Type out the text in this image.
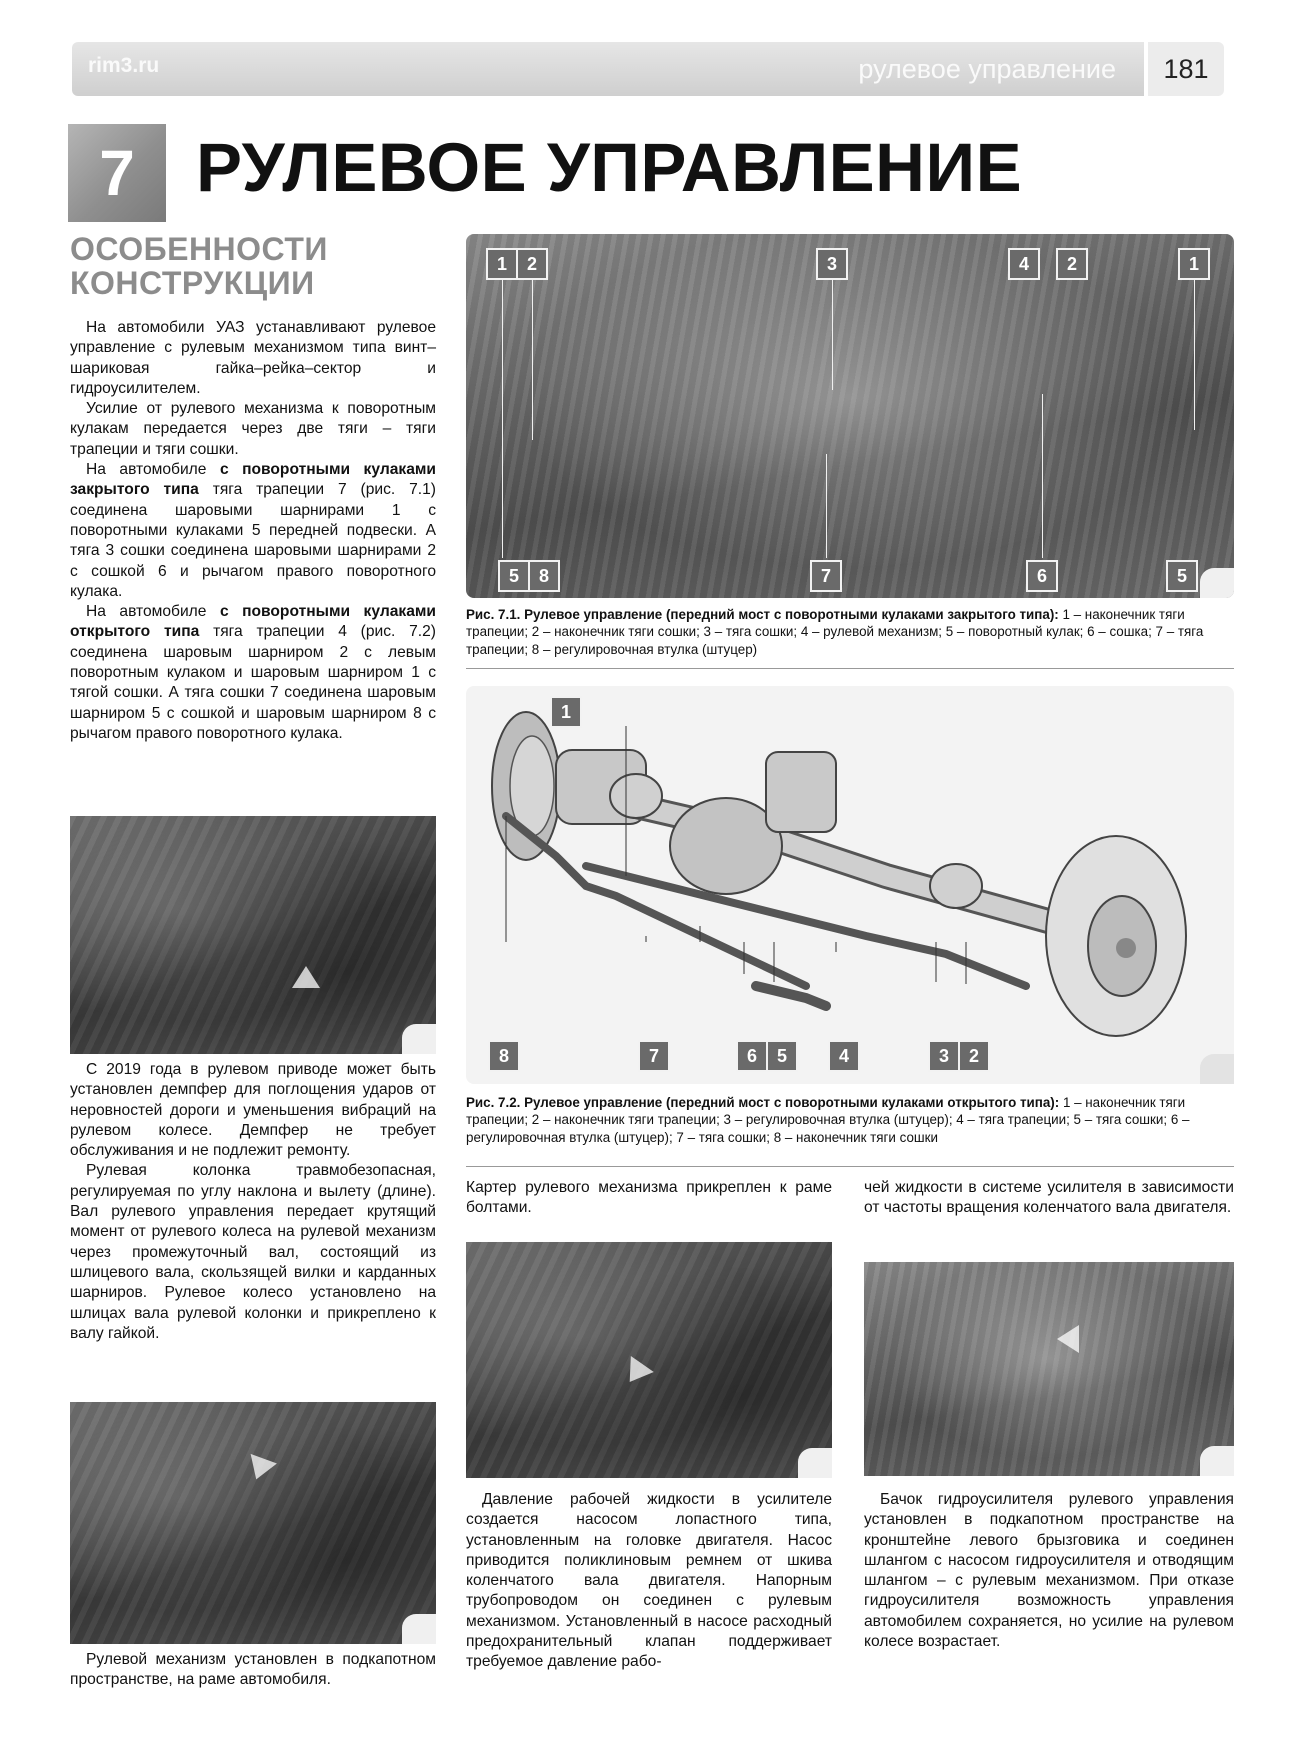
rim3.ru	рулевое управление	181
7 РУЛЕВОЕ УПРАВЛЕНИЕ
ОСОБЕННОСТИ КОНСТРУКЦИИ

На автомобили УАЗ устанавливают рулевое управление с рулевым механизмом типа винт–шариковая гайка–рейка–сектор и гидроусилителем.

Усилие от рулевого механизма к поворотным кулакам передается через две тяги – тяги трапеции и тяги сошки.

На автомобиле с поворотными кулаками закрытого типа тяга трапеции 7 (рис. 7.1) соединена шаровыми шарнирами 1 с поворотными кулаками 5 передней подвески. А тяга 3 сошки соединена шаровыми шарнирами 2 с сошкой 6 и рычагом правого поворотного кулака.

На автомобиле с поворотными кулаками открытого типа тяга трапеции 4 (рис. 7.2) соединена шаровым шарниром 2 с левым поворотным кулаком и шаровым шарниром 1 с тягой сошки. А тяга сошки 7 соединена шаровым шарниром 5 с сошкой и шаровым шарниром 8 с рычагом правого поворотного кулака.

С 2019 года в рулевом приводе может быть установлен демпфер для поглощения ударов от неровностей дороги и уменьшения вибраций на рулевом колесе. Демпфер не требует обслуживания и не подлежит ремонту.

Рулевая колонка травмобезопасная, регулируемая по углу наклона и вылету (длине). Вал рулевого управления передает крутящий момент от рулевого колеса на рулевой механизм через промежуточный вал, состоящий из шлицевого вала, скользящей вилки и карданных шарниров. Рулевое колесо установлено на шлицах вала рулевой колонки и прикреплено к валу гайкой.

Рулевой механизм установлен в подкапотном пространстве, на раме автомобиля.

1	2	3	4	2	1
5	8	7	6	5
Рис. 7.1. Рулевое управление (передний мост с поворотными кулаками закрытого типа): 1 – наконечник тяги трапеции; 2 – наконечник тяги сошки; 3 – тяга сошки; 4 – рулевой механизм; 5 – поворотный кулак; 6 – сошка; 7 – тяга трапеции; 8 – регулировочная втулка (штуцер)
1
8	7	6	5	4	3	2
Рис. 7.2. Рулевое управление (передний мост с поворотными кулаками открытого типа): 1 – наконечник тяги трапеции; 2 – наконечник тяги трапеции; 3 – регулировочная втулка (штуцер); 4 – тяга трапеции; 5 – тяга сошки; 6 – регулировочная втулка (штуцер); 7 – тяга сошки; 8 – наконечник тяги сошки

Картер рулевого механизма прикреплен к раме болтами.

Давление рабочей жидкости в усилителе создается насосом лопастного типа, установленным на головке двигателя. Насос приводится поликлиновым ремнем от шкива коленчатого вала двигателя. Напорным трубопроводом он соединен с рулевым механизмом. Установленный в насосе расходный предохранительный клапан поддерживает требуемое давление рабо-

чей жидкости в системе усилителя в зависимости от частоты вращения коленчатого вала двигателя.

Бачок гидроусилителя рулевого управления установлен в подкапотном пространстве на кронштейне левого брызговика и соединен шлангом с насосом гидроусилителя и отводящим шлангом – с рулевым механизмом. При отказе гидроусилителя возможность управления автомобилем сохраняется, но усилие на рулевом колесе возрастает.
